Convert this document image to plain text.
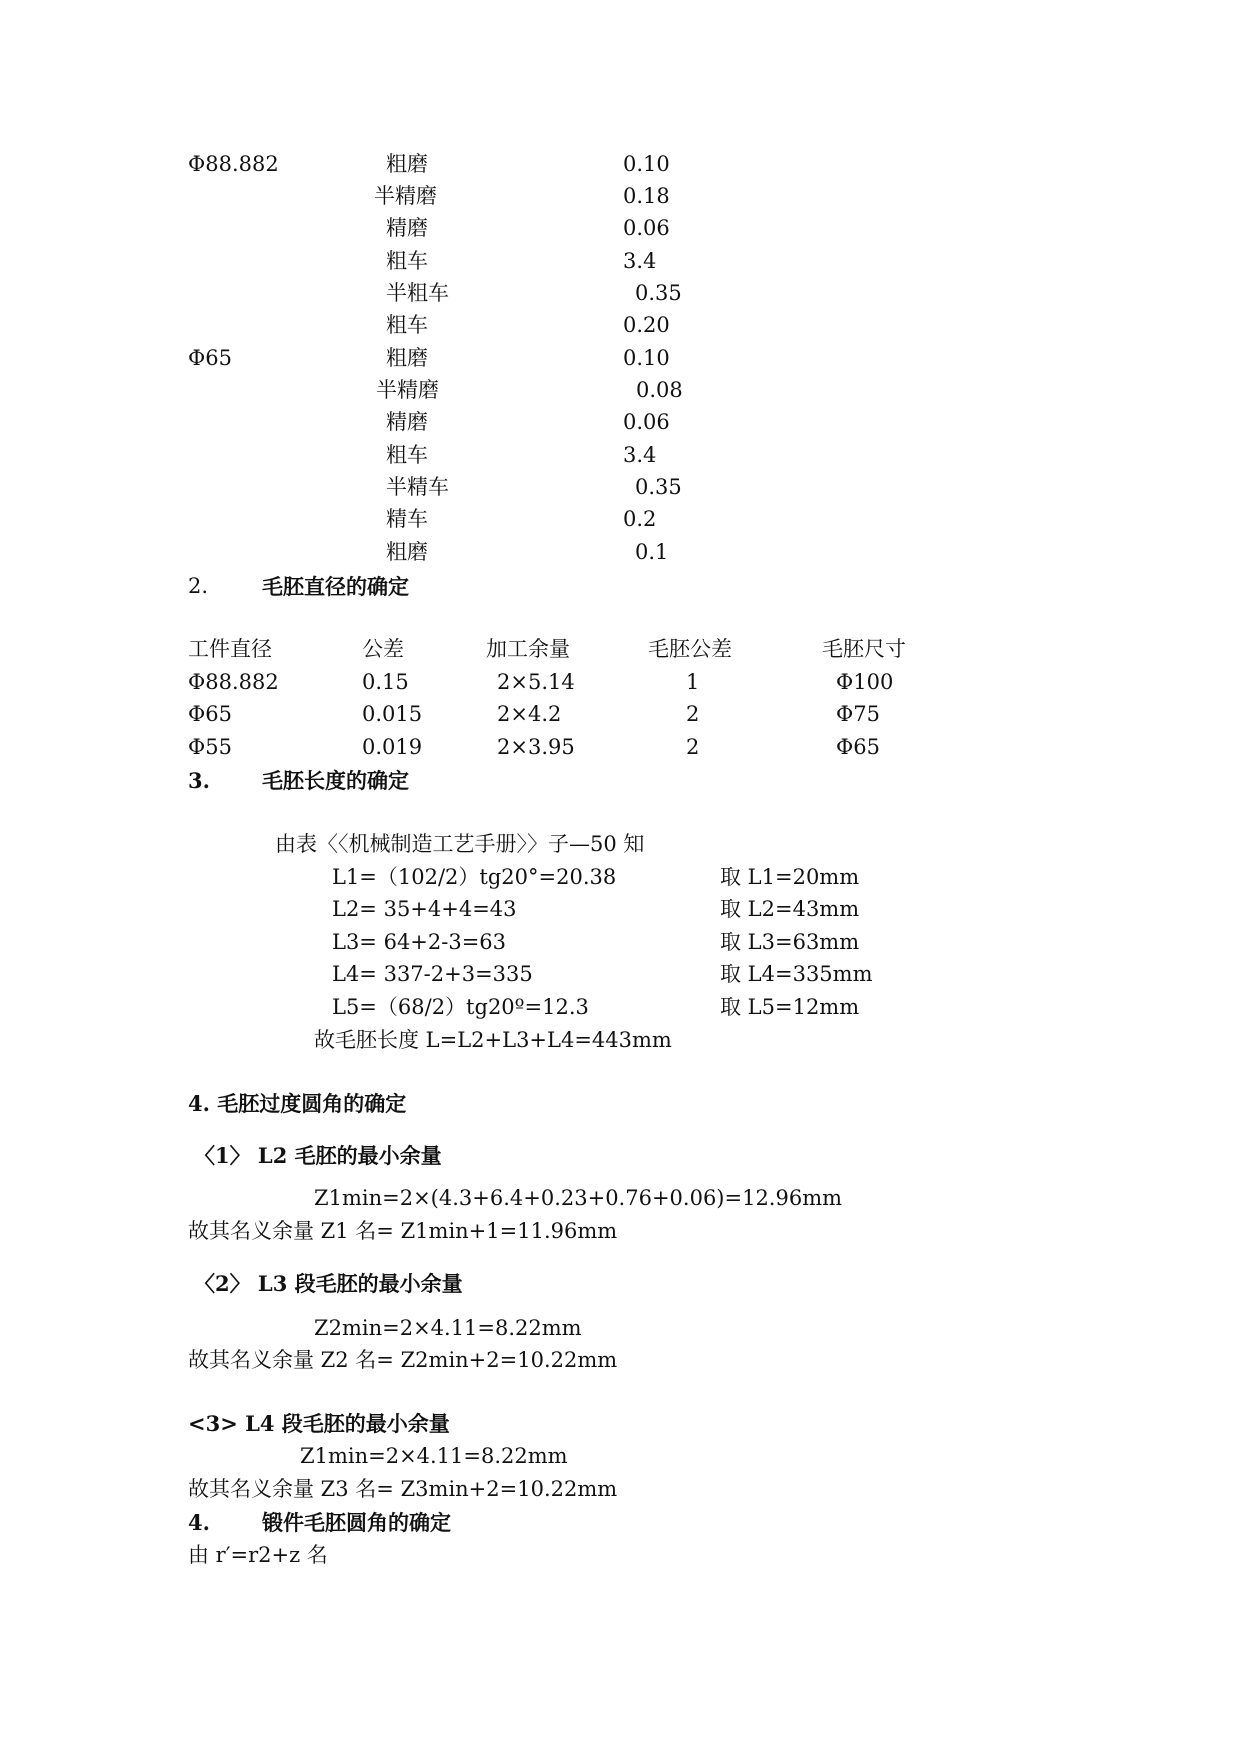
Φ88.882	粗磨	0.10
半精磨	0.18
精磨	0.06
粗车	3.4
半粗车	0.35
粗车	0.20
Φ65	粗磨	0.10
半精磨	0.08
精磨	0.06
粗车	3.4
半精车	0.35
精车	0.2
粗磨	0.1
2.	毛胚直径的确定
工件直径	公差	加工余量	毛胚公差	毛胚尺寸
Φ88.882	0.15	2×5.14	1	Φ100
Φ65	0.015	2×4.2	2	Φ75
Φ55	0.019	2×3.95	2	Φ65
3. 毛胚长度的确定
由表〈〈机械制造工艺手册〉〉子—50 知
L1=（102/2）tg20°=20.38	取 L1=20mm
L2= 35+4+4=43	取 L2=43mm
L3= 64+2-3=63	取 L3=63mm
L4= 337-2+3=335	取 L4=335mm
L5=（68/2）tg20º=12.3	取 L5=12mm
故毛胚长度 L=L2+L3+L4=443mm
4. 毛胚过度圆角的确定
〈1〉 L2 毛胚的最小余量
Z1min=2×(4.3+6.4+0.23+0.76+0.06)=12.96mm
故其名义余量 Z1 名= Z1min+1=11.96mm
〈2〉 L3 段毛胚的最小余量
Z2min=2×4.11=8.22mm
故其名义余量 Z2 名= Z2min+2=10.22mm
<3> L4 段毛胚的最小余量
Z1min=2×4.11=8.22mm
故其名义余量 Z3 名= Z3min+2=10.22mm
4. 锻件毛胚圆角的确定
由 r′=r2+z 名
